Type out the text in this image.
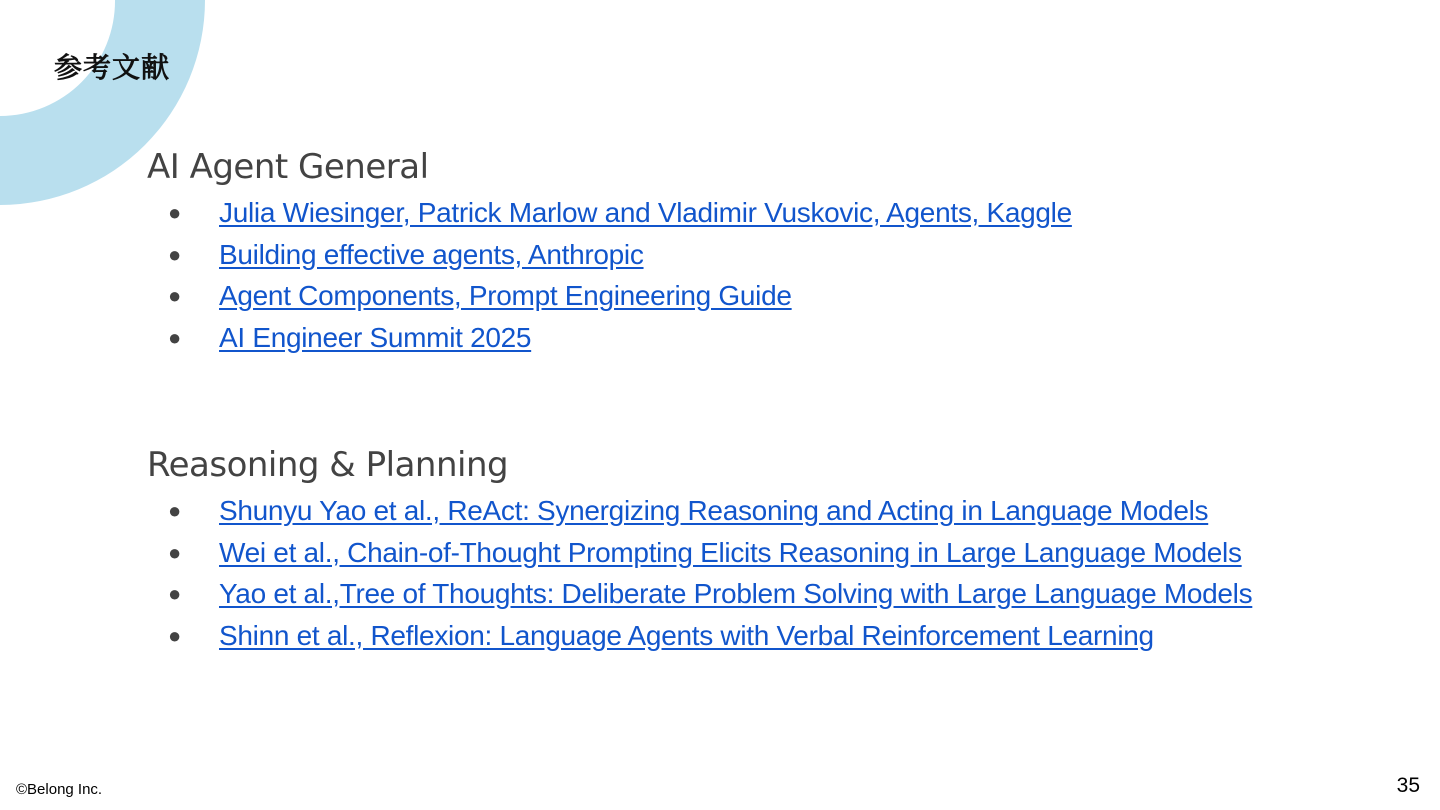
参考文献
AI Agent General
● Julia Wiesinger, Patrick Marlow and Vladimir Vuskovic, Agents, Kaggle
● Building effective agents, Anthropic
● Agent Components, Prompt Engineering Guide
● AI Engineer Summit 2025
Reasoning & Planning
● Shunyu Yao et al., ReAct: Synergizing Reasoning and Acting in Language Models
● Wei et al., Chain-of-Thought Prompting Elicits Reasoning in Large Language Models
● Yao et al.,Tree of Thoughts: Deliberate Problem Solving with Large Language Models
● Shinn et al., Reflexion: Language Agents with Verbal Reinforcement Learning
©Belong Inc.	35
